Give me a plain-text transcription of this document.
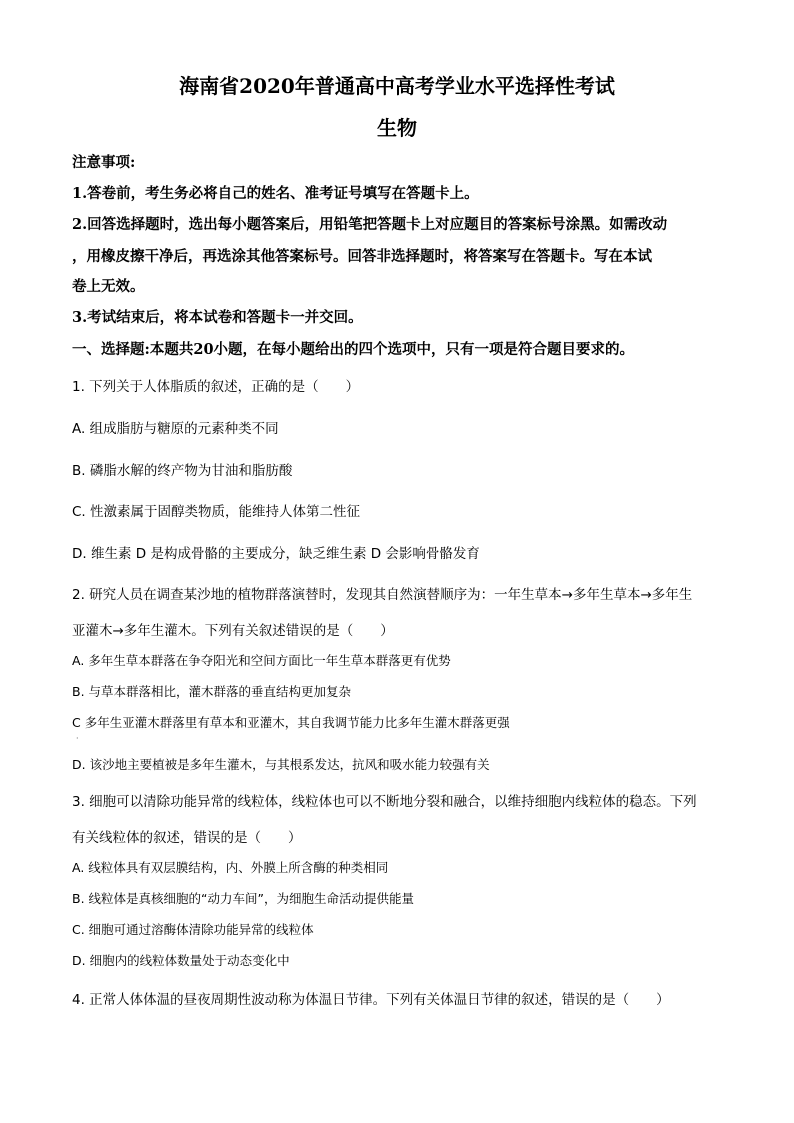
海南省2020年普通高中高考学业水平选择性考试
生物
注意事项:
1.答卷前，考生务必将自己的姓名、准考证号填写在答题卡上。
2.回答选择题时，选出每小题答案后，用铅笔把答题卡上对应题目的答案标号涂黑。如需改动
，用橡皮擦干净后，再选涂其他答案标号。回答非选择题时，将答案写在答题卡。写在本试
卷上无效。
3.考试结束后，将本试卷和答题卡一并交回。
一、选择题:本题共20小题，在每小题给出的四个选项中，只有一项是符合题目要求的。
1. 下列关于人体脂质的叙述，正确的是（　　）
A. 组成脂肪与糖原的元素种类不同
B. 磷脂水解的终产物为甘油和脂肪酸
C. 性激素属于固醇类物质，能维持人体第二性征
D. 维生素 D 是构成骨骼的主要成分，缺乏维生素 D 会影响骨骼发育
2. 研究人员在调查某沙地的植物群落演替时，发现其自然演替顺序为：一年生草本→多年生草本→多年生
亚灌木→多年生灌木。下列有关叙述错误的是（　　）
A. 多年生草本群落在争夺阳光和空间方面比一年生草本群落更有优势
B. 与草本群落相比，灌木群落的垂直结构更加复杂
C 多年生亚灌木群落里有草本和亚灌木，其自我调节能力比多年生灌木群落更强
·
D. 该沙地主要植被是多年生灌木，与其根系发达，抗风和吸水能力较强有关
3. 细胞可以清除功能异常的线粒体，线粒体也可以不断地分裂和融合，以维持细胞内线粒体的稳态。下列
有关线粒体的叙述，错误的是（　　）
A. 线粒体具有双层膜结构，内、外膜上所含酶的种类相同
B. 线粒体是真核细胞的“动力车间”，为细胞生命活动提供能量
C. 细胞可通过溶酶体清除功能异常的线粒体
D. 细胞内的线粒体数量处于动态变化中
4. 正常人体体温的昼夜周期性波动称为体温日节律。下列有关体温日节律的叙述，错误的是（　　）
